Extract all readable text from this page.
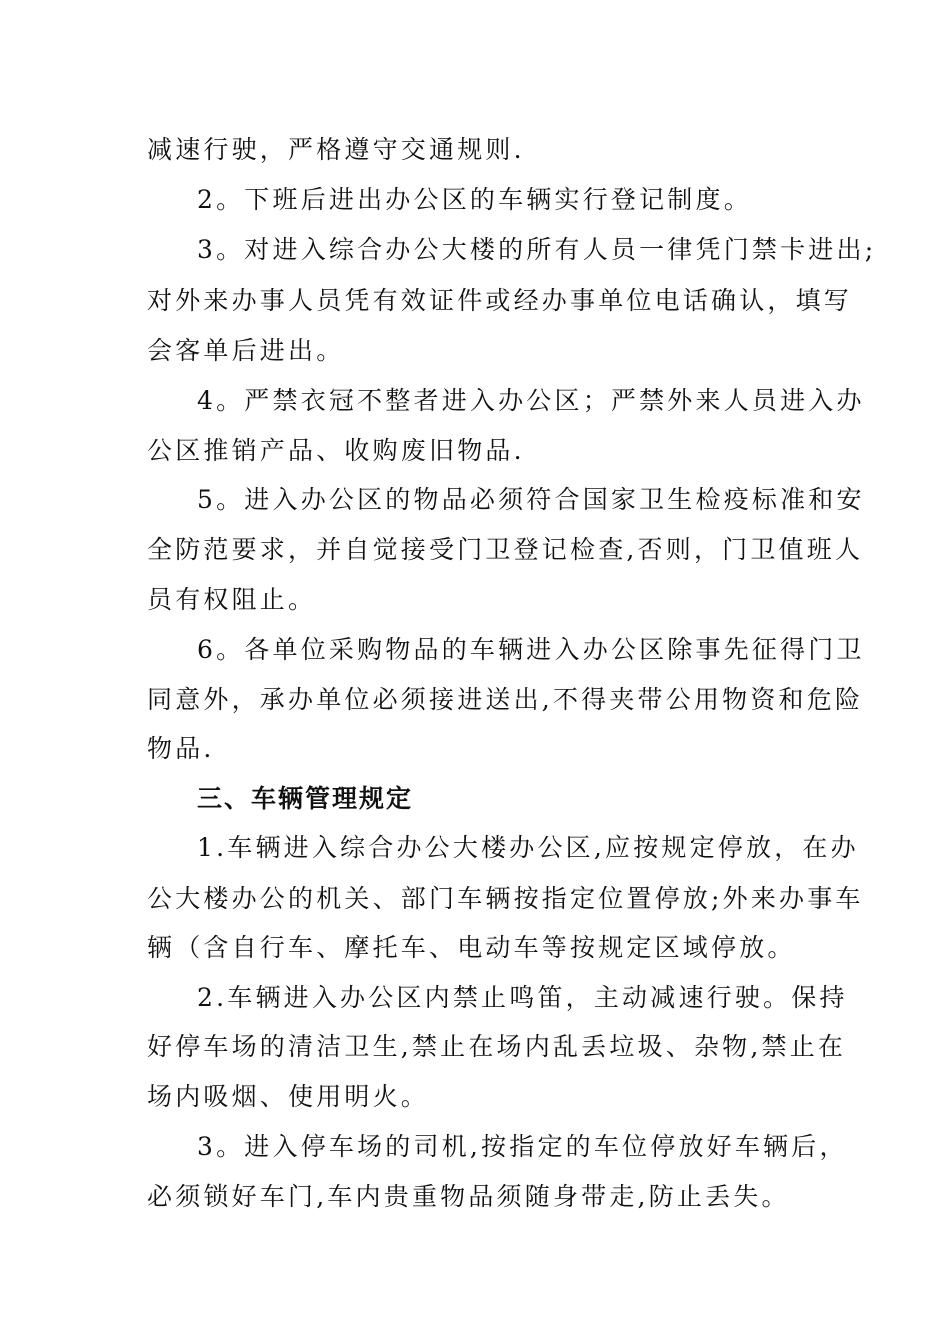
减速行驶，严格遵守交通规则.
2。下班后进出办公区的车辆实行登记制度。
3。对进入综合办公大楼的所有人员一律凭门禁卡进出;
对外来办事人员凭有效证件或经办事单位电话确认，填写
会客单后进出。
4。严禁衣冠不整者进入办公区；严禁外来人员进入办
公区推销产品、收购废旧物品.
5。进入办公区的物品必须符合国家卫生检疫标准和安
全防范要求，并自觉接受门卫登记检查,否则，门卫值班人
员有权阻止。
6。各单位采购物品的车辆进入办公区除事先征得门卫
同意外，承办单位必须接进送出,不得夹带公用物资和危险
物品.
三、车辆管理规定
1.车辆进入综合办公大楼办公区,应按规定停放，在办
公大楼办公的机关、部门车辆按指定位置停放;外来办事车
辆（含自行车、摩托车、电动车等按规定区域停放。
2.车辆进入办公区内禁止鸣笛，主动减速行驶。保持
好停车场的清洁卫生,禁止在场内乱丢垃圾、杂物,禁止在
场内吸烟、使用明火。
3。进入停车场的司机,按指定的车位停放好车辆后，
必须锁好车门,车内贵重物品须随身带走,防止丢失。
